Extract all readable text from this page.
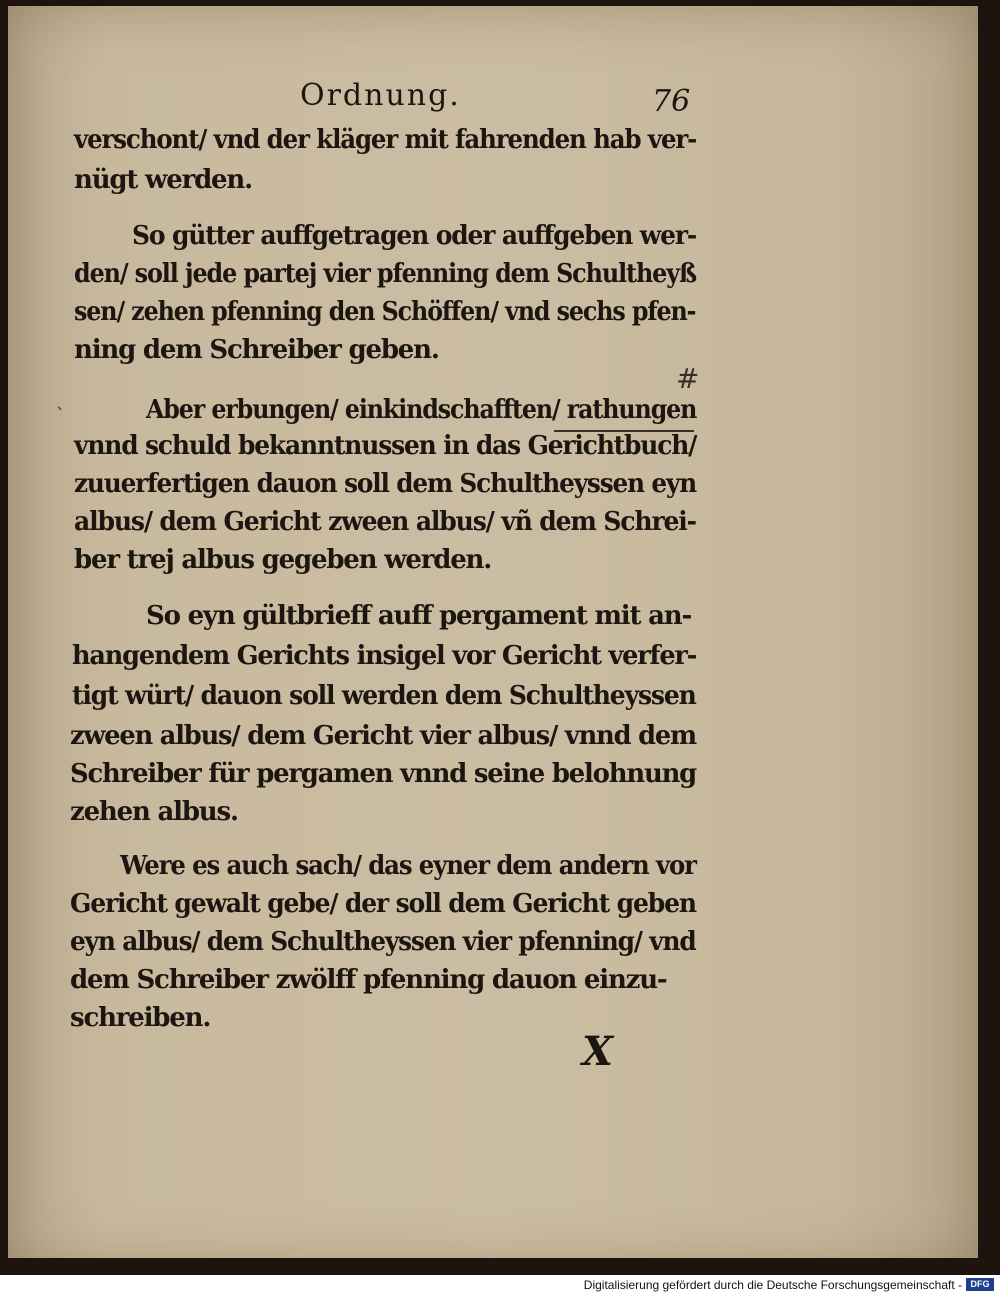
Ordnung.	76

ˎ

#

verschont/ vnd der kläger mit fahrenden hab ver-

nügt werden.

So gütter auffgetragen oder auffgeben wer-

den/ soll jede partej vier pfenning dem Schultheyß

sen/ zehen pfenning den Schöffen/ vnd sechs pfen-

ning dem Schreiber geben.

Aber erbungen/ einkindschafften/ rathungen

vnnd schuld bekanntnussen in das Gerichtbuch/

zuuerfertigen dauon soll dem Schultheyssen eyn

albus/ dem Gericht zween albus/ vñ dem Schrei-

ber trej albus gegeben werden.

So eyn gültbrieff auff pergament mit an-

hangendem Gerichts insigel vor Gericht verfer-

tigt würt/ dauon soll werden dem Schultheyssen

zween albus/ dem Gericht vier albus/ vnnd dem

Schreiber für pergamen vnnd seine belohnung

zehen albus.

Were es auch sach/ das eyner dem andern vor

Gericht gewalt gebe/ der soll dem Gericht geben

eyn albus/ dem Schultheyssen vier pfenning/ vnd

dem Schreiber zwölff pfenning dauon einzu-

schreiben.

X

Digitalisierung gefördert durch die Deutsche Forschungsgemeinschaft - DFG
